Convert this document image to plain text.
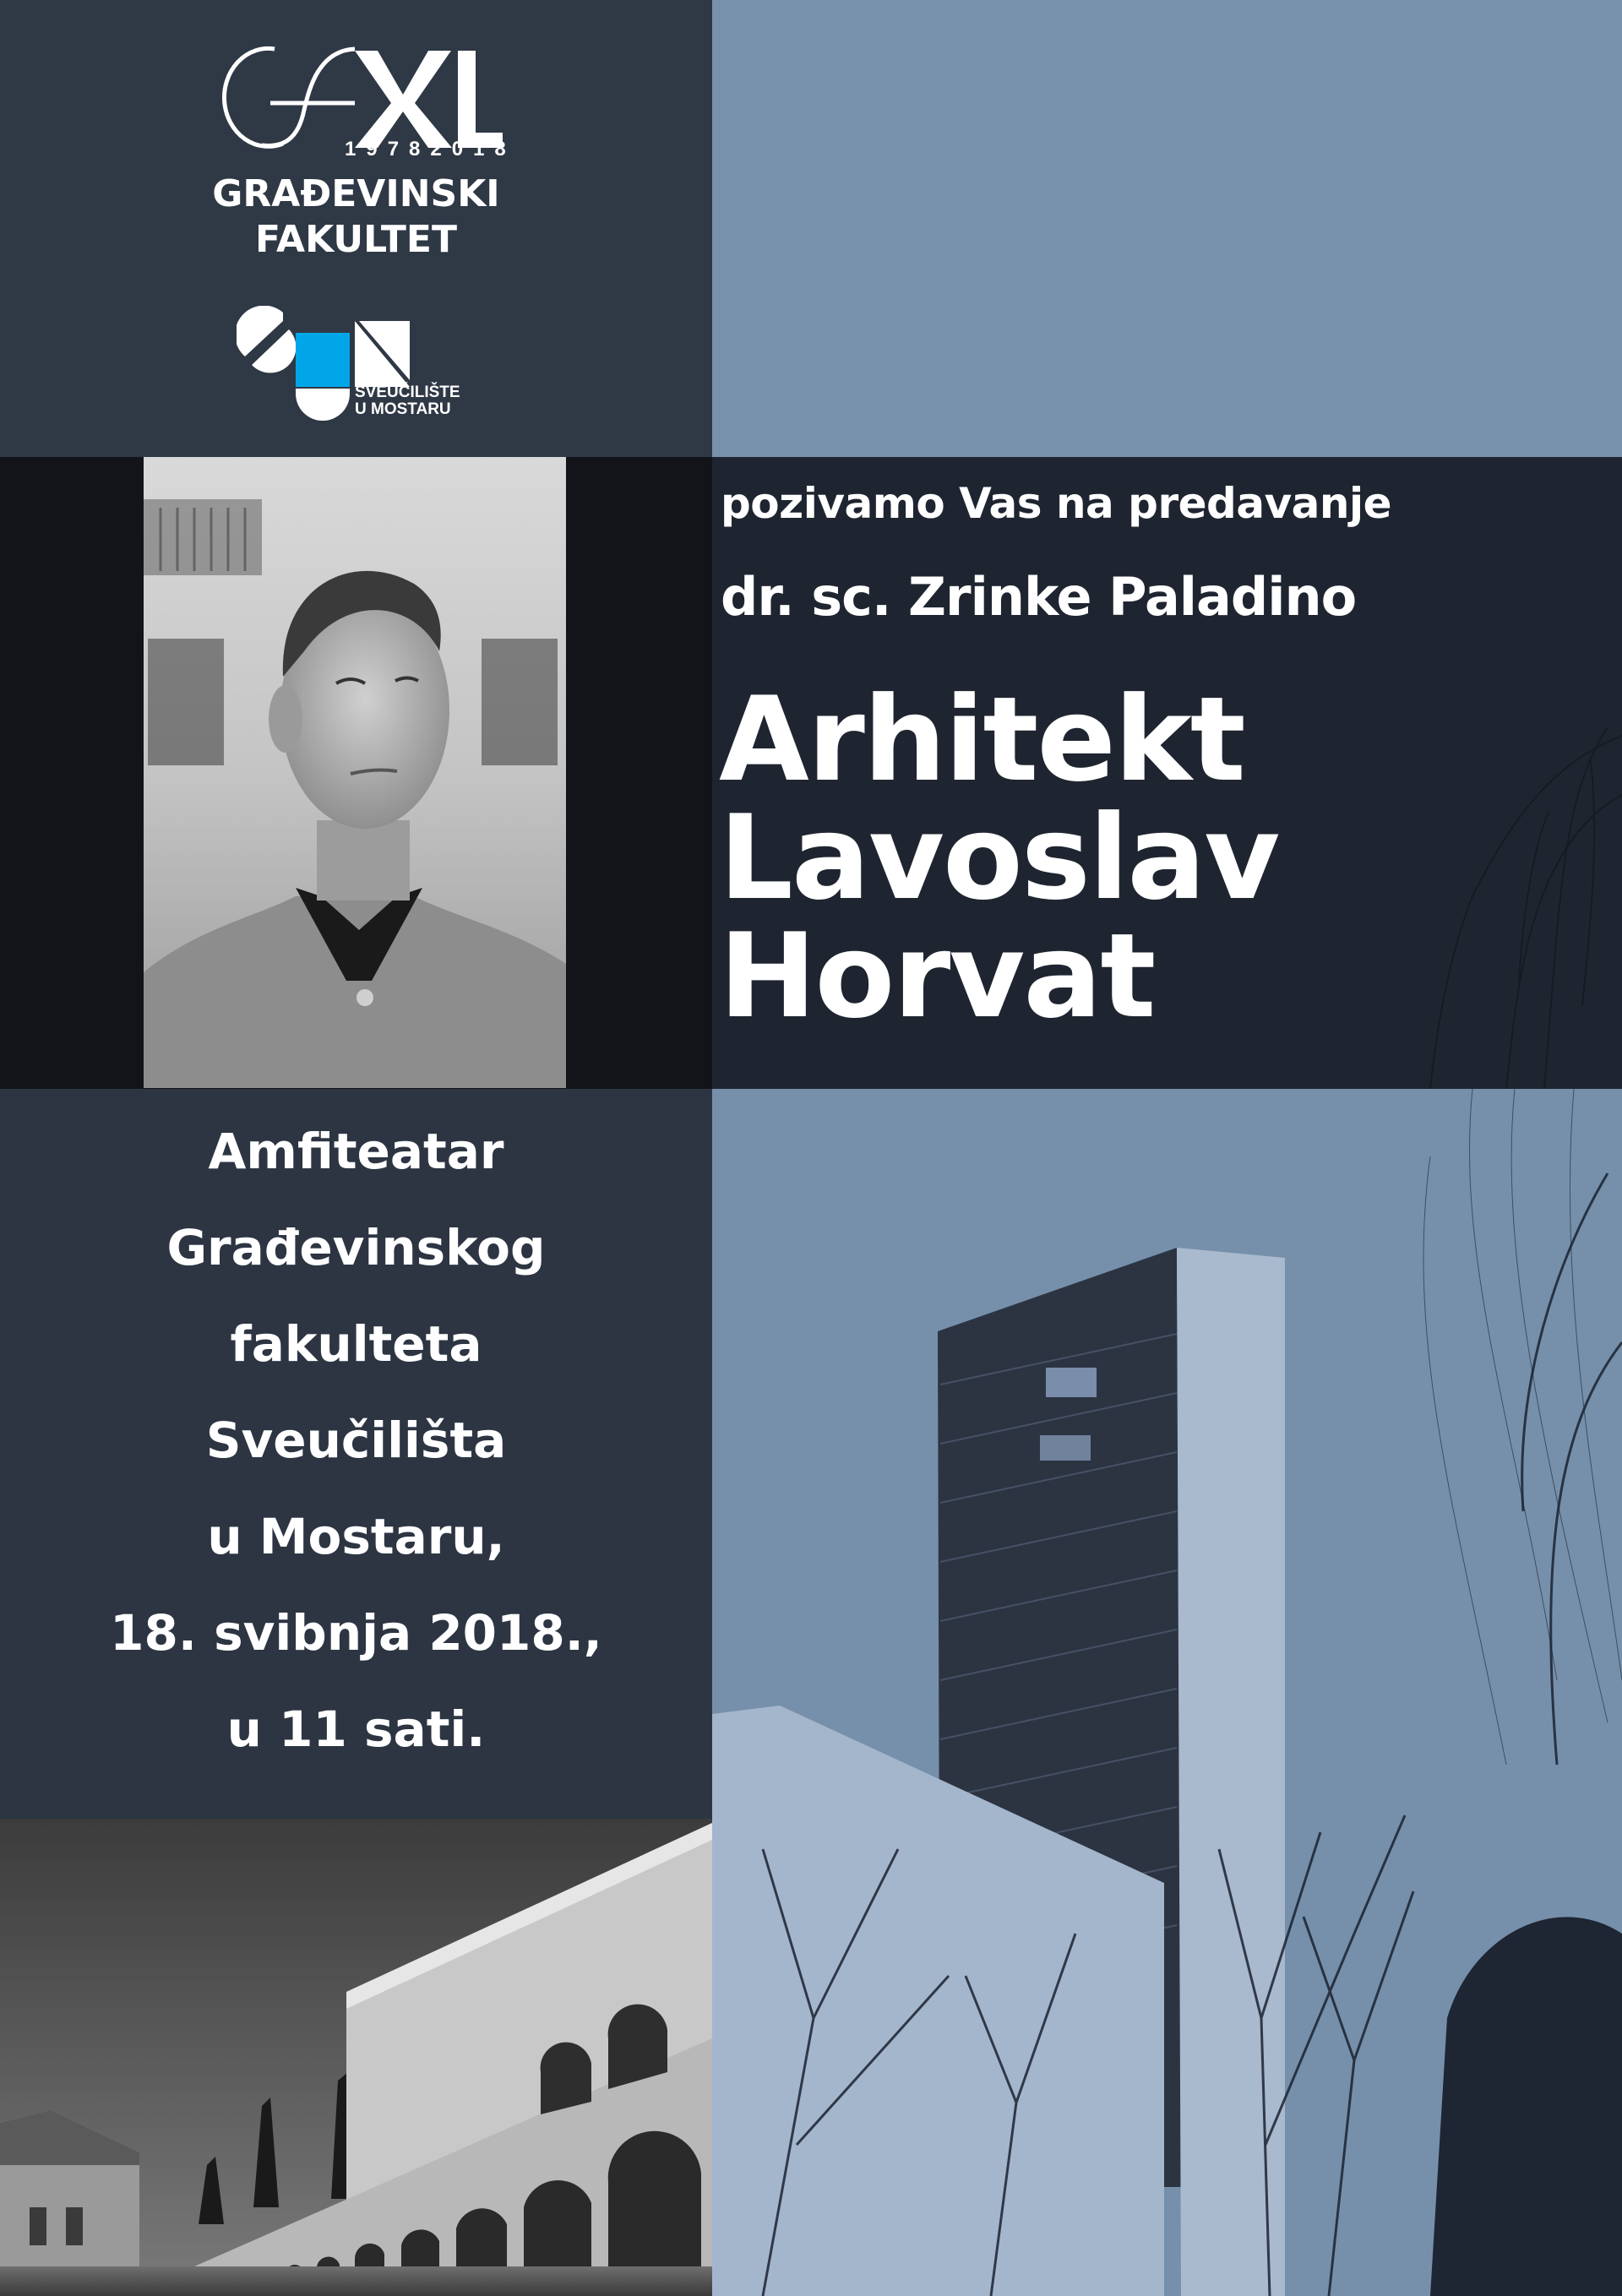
19782018
GRAĐEVINSKI
FAKULTET
SVEUČILIŠTE
U MOSTARU
pozivamo Vas na predavanje
dr. sc. Zrinke Paladino
Arhitekt
Lavoslav
Horvat
Amfiteatar
Građevinskog
fakulteta
Sveučilišta
u Mostaru,
18. svibnja 2018.,
u 11 sati.
